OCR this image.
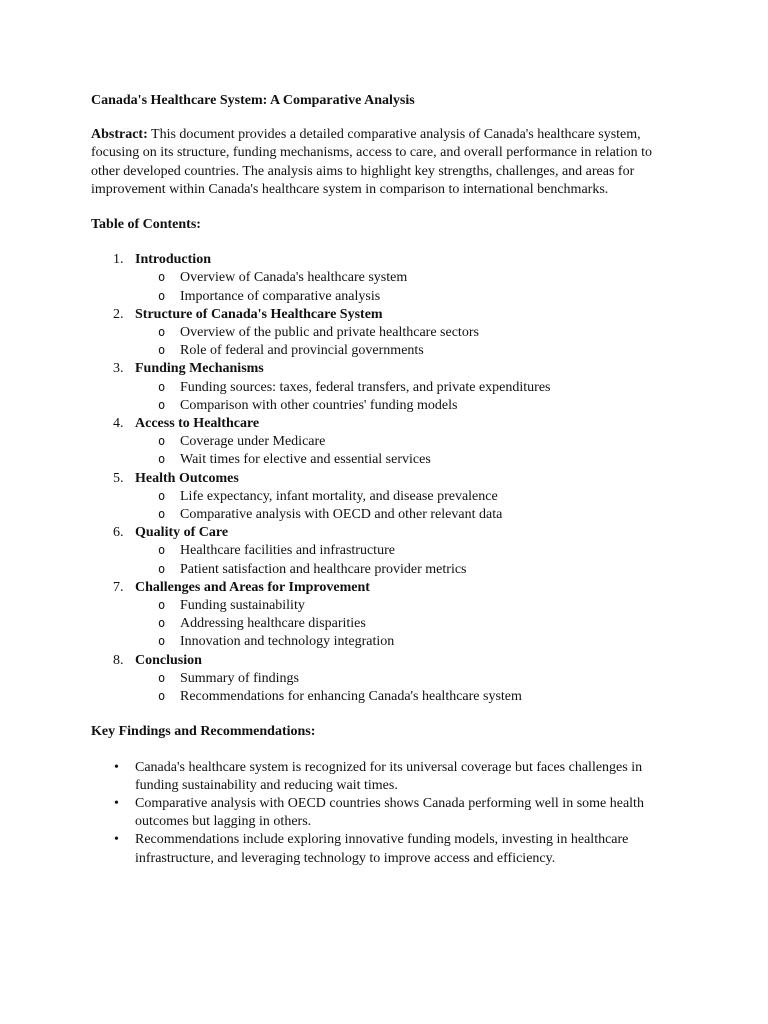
Canada's Healthcare System: A Comparative Analysis

Abstract: This document provides a detailed comparative analysis of Canada's healthcare system, focusing on its structure, funding mechanisms, access to care, and overall performance in relation to other developed countries. The analysis aims to highlight key strengths, challenges, and areas for improvement within Canada's healthcare system in comparison to international benchmarks.

Table of Contents:

1. Introduction
o Overview of Canada's healthcare system
o Importance of comparative analysis
2. Structure of Canada's Healthcare System
o Overview of the public and private healthcare sectors
o Role of federal and provincial governments
3. Funding Mechanisms
o Funding sources: taxes, federal transfers, and private expenditures
o Comparison with other countries' funding models
4. Access to Healthcare
o Coverage under Medicare
o Wait times for elective and essential services
5. Health Outcomes
o Life expectancy, infant mortality, and disease prevalence
o Comparative analysis with OECD and other relevant data
6. Quality of Care
o Healthcare facilities and infrastructure
o Patient satisfaction and healthcare provider metrics
7. Challenges and Areas for Improvement
o Funding sustainability
o Addressing healthcare disparities
o Innovation and technology integration
8. Conclusion
o Summary of findings
o Recommendations for enhancing Canada's healthcare system

Key Findings and Recommendations:

• Canada's healthcare system is recognized for its universal coverage but faces challenges in funding sustainability and reducing wait times.
• Comparative analysis with OECD countries shows Canada performing well in some health outcomes but lagging in others.
• Recommendations include exploring innovative funding models, investing in healthcare infrastructure, and leveraging technology to improve access and efficiency.
